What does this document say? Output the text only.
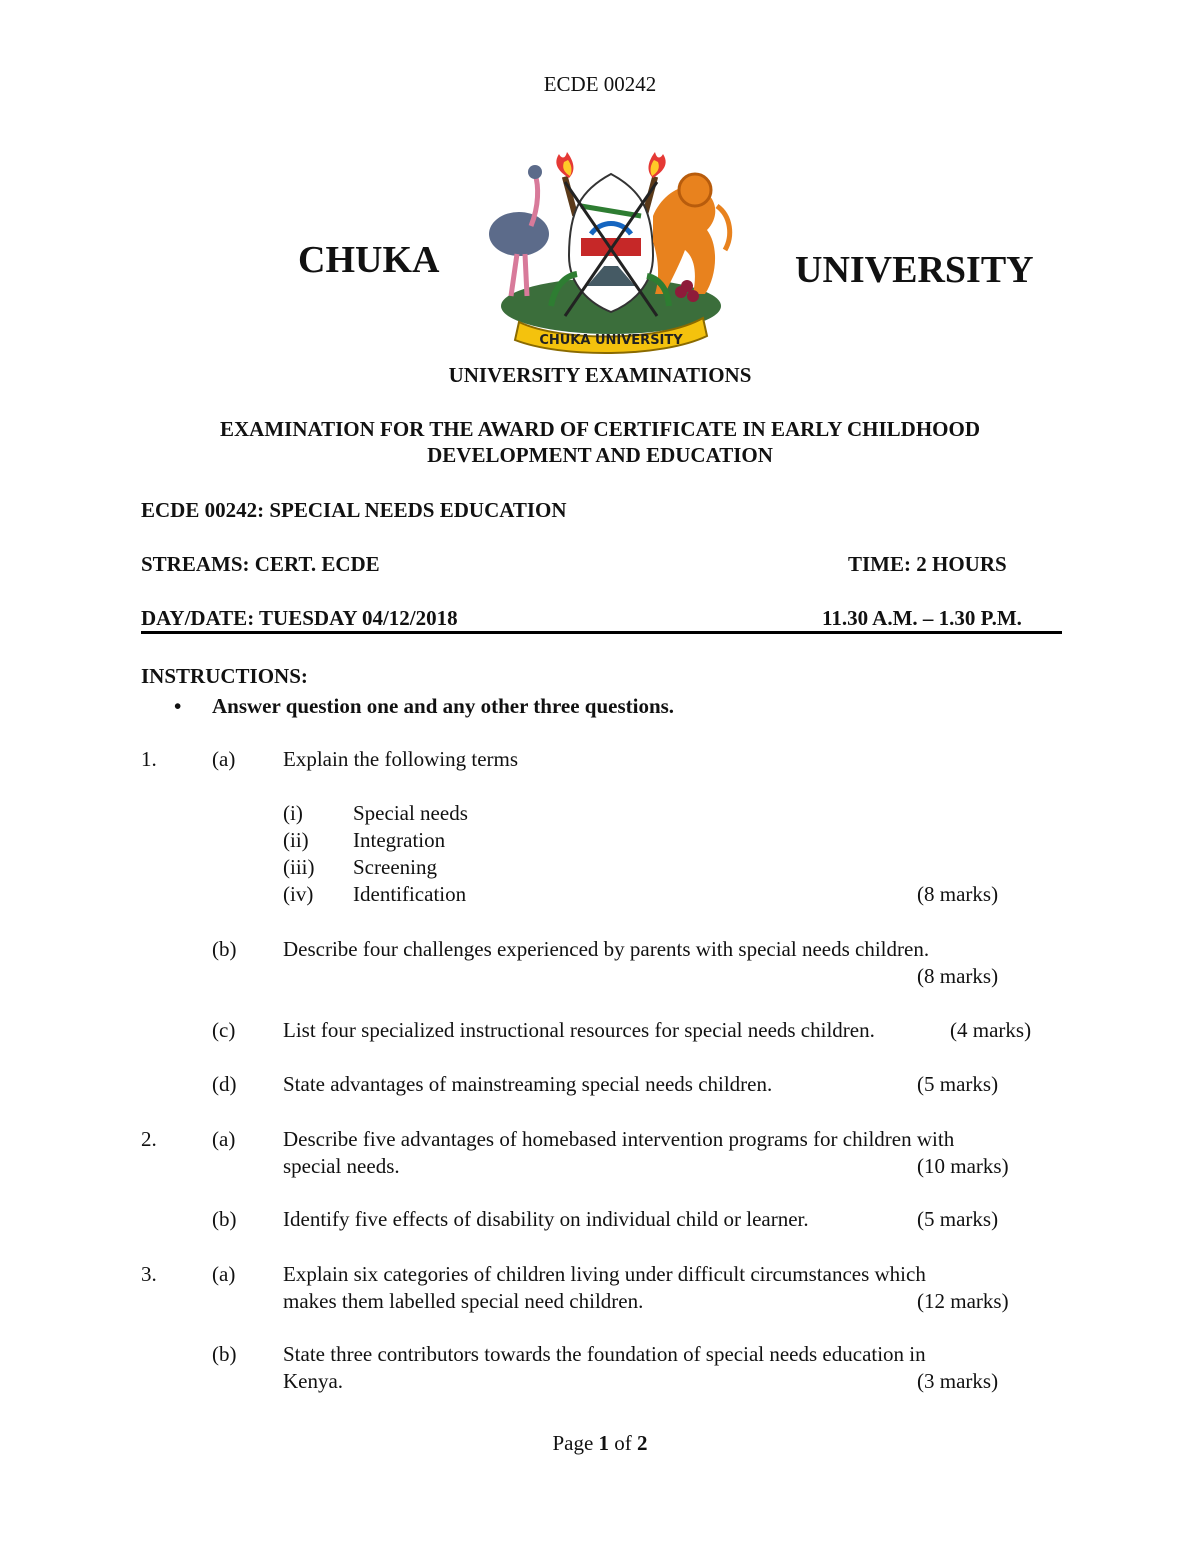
ECDE 00242
CHUKA	UNIVERSITY
CHUKA UNIVERSITY
UNIVERSITY EXAMINATIONS
EXAMINATION FOR THE AWARD OF CERTIFICATE IN EARLY CHILDHOOD
DEVELOPMENT AND EDUCATION
ECDE 00242: SPECIAL NEEDS EDUCATION
STREAMS: CERT. ECDE	TIME: 2 HOURS
DAY/DATE: TUESDAY 04/12/2018	11.30 A.M. – 1.30 P.M.
INSTRUCTIONS:
• Answer question one and any other three questions.
1.	(a) Explain the following terms
(i) Special needs
(ii) Integration
(iii) Screening
(iv) Identification	(8 marks)
(b) Describe four challenges experienced by parents with special needs children.
(8 marks)
(c) List four specialized instructional resources for special needs children.	(4 marks)
(d) State advantages of mainstreaming special needs children.	(5 marks)
2.	(a) Describe five advantages of homebased intervention programs for children with
special needs.	(10 marks)
(b) Identify five effects of disability on individual child or learner.	(5 marks)
3.	(a) Explain six categories of children living under difficult circumstances which
makes them labelled special need children.	(12 marks)
(b) State three contributors towards the foundation of special needs education in
Kenya.	(3 marks)
Page 1 of 2
